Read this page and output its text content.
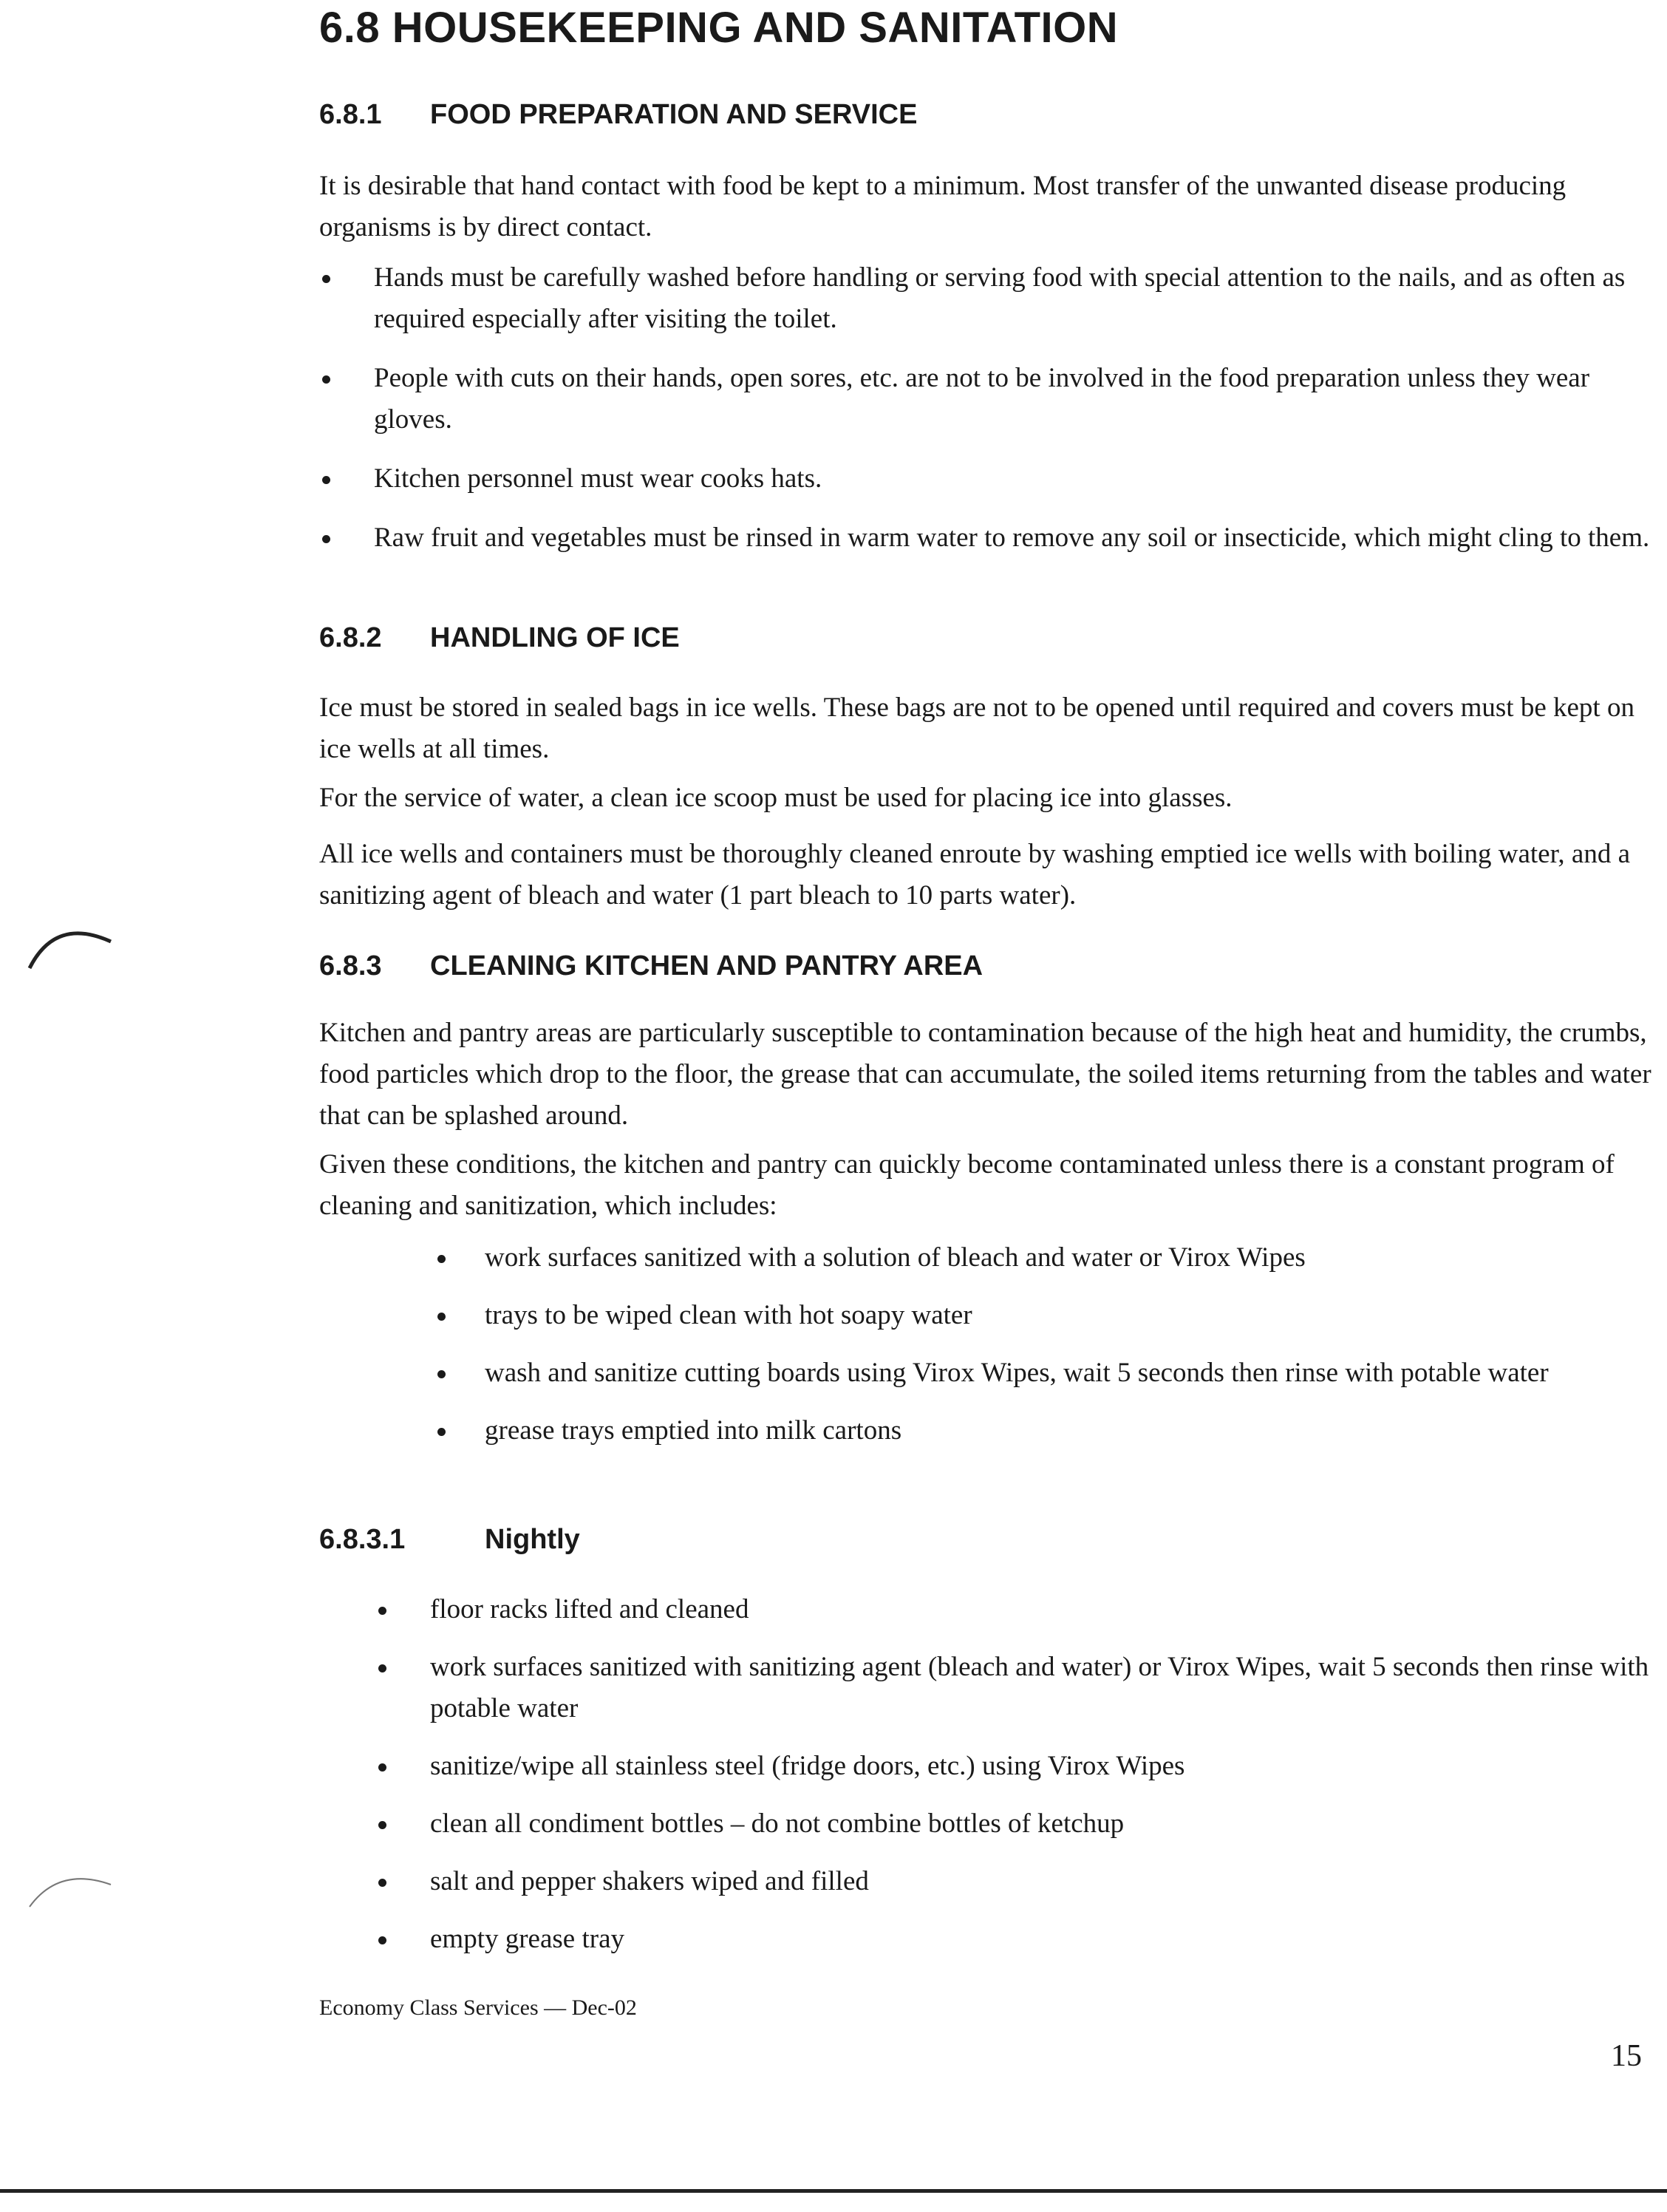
6.8 HOUSEKEEPING AND SANITATION
6.8.1 FOOD PREPARATION AND SERVICE

It is desirable that hand contact with food be kept to a minimum. Most transfer of the unwanted disease producing organisms is by direct contact.

Hands must be carefully washed before handling or serving food with special attention to the nails, and as often as required especially after visiting the toilet.
People with cuts on their hands, open sores, etc. are not to be involved in the food preparation unless they wear gloves.
Kitchen personnel must wear cooks hats.
Raw fruit and vegetables must be rinsed in warm water to remove any soil or insecticide, which might cling to them.
6.8.2 HANDLING OF ICE

Ice must be stored in sealed bags in ice wells. These bags are not to be opened until required and covers must be kept on ice wells at all times.

For the service of water, a clean ice scoop must be used for placing ice into glasses.

All ice wells and containers must be thoroughly cleaned enroute by washing emptied ice wells with boiling water, and a sanitizing agent of bleach and water (1 part bleach to 10 parts water).

6.8.3 CLEANING KITCHEN AND PANTRY AREA

Kitchen and pantry areas are particularly susceptible to contamination because of the high heat and humidity, the crumbs, food particles which drop to the floor, the grease that can accumulate, the soiled items returning from the tables and water that can be splashed around.

Given these conditions, the kitchen and pantry can quickly become contaminated unless there is a constant program of cleaning and sanitization, which includes:

work surfaces sanitized with a solution of bleach and water or Virox Wipes
trays to be wiped clean with hot soapy water
wash and sanitize cutting boards using Virox Wipes, wait 5 seconds then rinse with potable water
grease trays emptied into milk cartons
6.8.3.1	Nightly
floor racks lifted and cleaned
work surfaces sanitized with sanitizing agent (bleach and water) or Virox Wipes, wait 5 seconds then rinse with potable water
sanitize/wipe all stainless steel (fridge doors, etc.) using Virox Wipes
clean all condiment bottles – do not combine bottles of ketchup
salt and pepper shakers wiped and filled
empty grease tray

Economy Class Services — Dec-02

15
